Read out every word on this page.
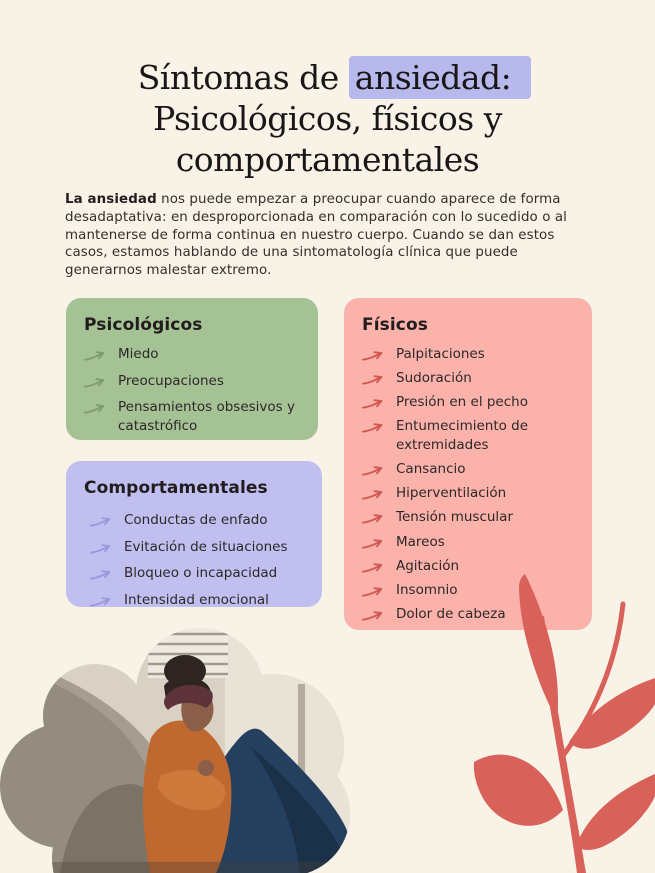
Síntomas de ansiedad:
Psicológicos, físicos y
comportamentales

La ansiedad nos puede empezar a preocupar cuando aparece de forma desadaptativa: en desproporcionada en comparación con lo sucedido o al mantenerse de forma continua en nuestro cuerpo. Cuando se dan estos casos, estamos hablando de una sintomatología clínica que puede generarnos malestar extremo.

Psicológicos
Miedo
Preocupaciones
Pensamientos obsesivos y catastrófico
Comportamentales
Conductas de enfado
Evitación de situaciones
Bloqueo o incapacidad
Intensidad emocional
Físicos
Palpitaciones
Sudoración
Presión en el pecho
Entumecimiento de extremidades
Cansancio
Hiperventilación
Tensión muscular
Mareos
Agitación
Insomnio
Dolor de cabeza
